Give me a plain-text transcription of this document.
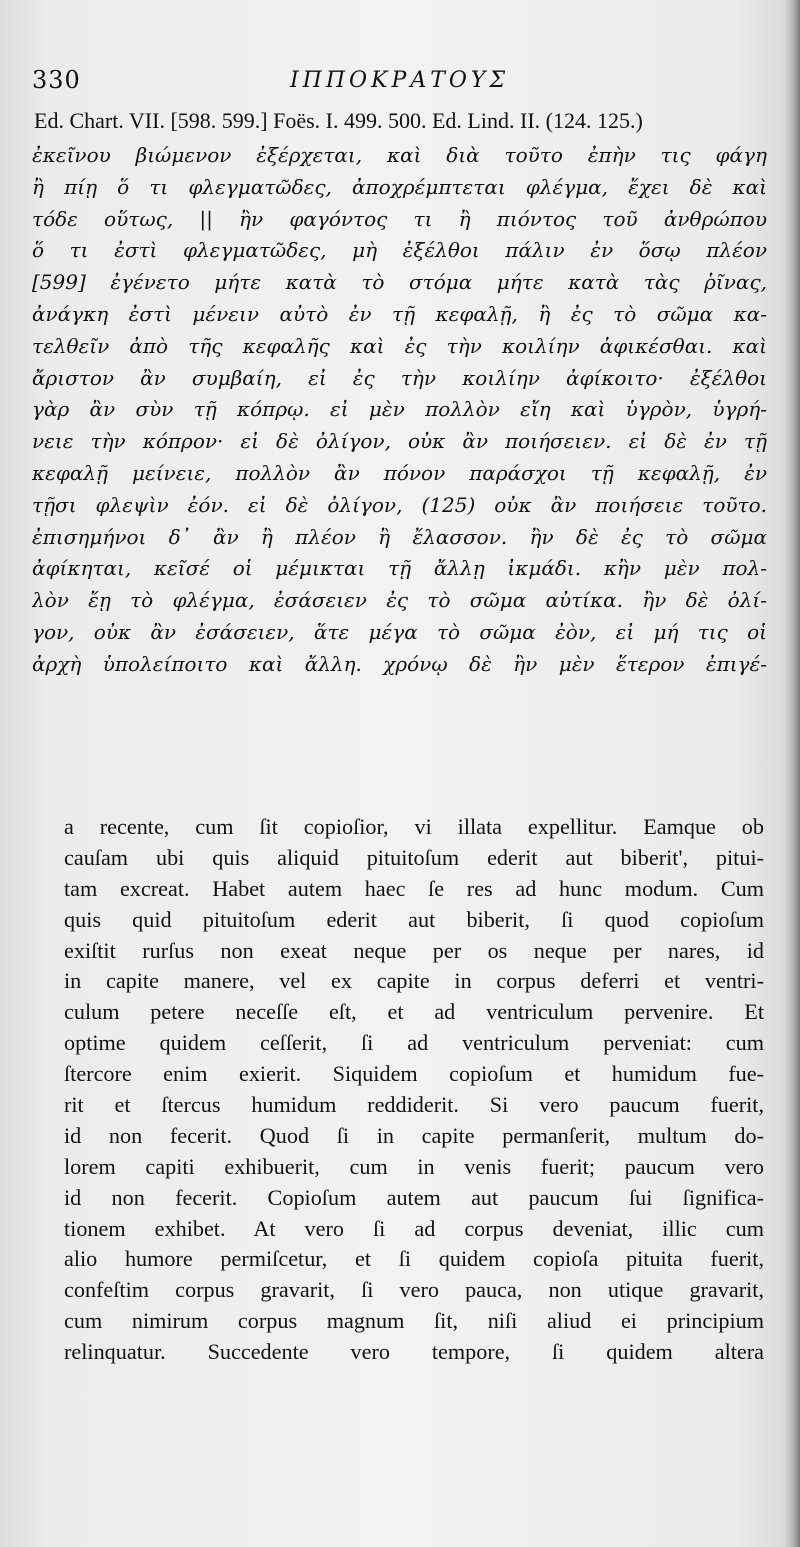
330	ΙΠΠΟΚΡΑΤΟΥΣ
Ed. Chart. VII. [598. 599.] Foës. I. 499. 500. Ed. Lind. II. (124. 125.)
ἐκεῖνου βιώμενον ἐξέρχεται, καὶ διὰ τοῦτο ἐπὴν τις φάγη
ἢ πίῃ ὅ τι φλεγματῶδες, ἀποχρέμπτεται φλέγμα, ἔχει δὲ καὶ
τόδε οὕτως, || ἢν φαγόντος τι ἢ πιόντος τοῦ ἀνθρώπου
ὅ τι ἐστὶ φλεγματῶδες, μὴ ἐξέλθοι πάλιν ἐν ὅσῳ πλέον
[599] ἐγένετο μήτε κατὰ τὸ στόμα μήτε κατὰ τὰς ῥῖνας,
ἀνάγκη ἐστὶ μένειν αὐτὸ ἐν τῇ κεφαλῇ, ἢ ἐς τὸ σῶμα κα-
τελθεῖν ἀπὸ τῆς κεφαλῆς καὶ ἐς τὴν κοιλίην ἀφικέσθαι. καὶ
ἄριστον ἂν συμβαίη, εἰ ἐς τὴν κοιλίην ἀφίκοιτο· ἐξέλθοι
γὰρ ἂν σὺν τῇ κόπρῳ. εἰ μὲν πολλὸν εἴη καὶ ὑγρὸν, ὑγρή-
νειε τὴν κόπρον· εἰ δὲ ὀλίγον, οὐκ ἂν ποιήσειεν. εἰ δὲ ἐν τῇ
κεφαλῇ μείνειε, πολλὸν ἂν πόνον παράσχοι τῇ κεφαλῇ, ἐν
τῇσι φλεψὶν ἐόν. εἰ δὲ ὀλίγον, (125) οὐκ ἂν ποιήσειε τοῦτο.
ἐπισημήνοι δ᾽ ἂν ἢ πλέον ἢ ἔλασσον. ἢν δὲ ἐς τὸ σῶμα
ἀφίκηται, κεῖσέ οἱ μέμικται τῇ ἄλλῃ ἰκμάδι. κἢν μὲν πολ-
λὸν ἔῃ τὸ φλέγμα, ἐσάσειεν ἐς τὸ σῶμα αὐτίκα. ἢν δὲ ὀλί-
γον, οὐκ ἂν ἐσάσειεν, ἅτε μέγα τὸ σῶμα ἐὸν, εἰ μή τις οἱ
ἀρχὴ ὑπολείποιτο καὶ ἄλλη. χρόνῳ δὲ ἢν μὲν ἕτερον ἐπιγέ-
a recente, cum ſit copioſior, vi illata expellitur. Eamque ob
cauſam ubi quis aliquid pituitoſum ederit aut biberit', pitui-
tam excreat. Habet autem haec ſe res ad hunc modum. Cum
quis quid pituitoſum ederit aut biberit, ſi quod copioſum
exiſtit rurſus non exeat neque per os neque per nares, id
in capite manere, vel ex capite in corpus deferri et ventri-
culum petere neceſſe eſt, et ad ventriculum pervenire. Et
optime quidem ceſſerit, ſi ad ventriculum perveniat: cum
ſtercore enim exierit. Siquidem copioſum et humidum fue-
rit et ſtercus humidum reddiderit. Si vero paucum fuerit,
id non fecerit. Quod ſi in capite permanſerit, multum do-
lorem capiti exhibuerit, cum in venis fuerit; paucum vero
id non fecerit. Copioſum autem aut paucum ſui ſignifica-
tionem exhibet. At vero ſi ad corpus deveniat, illic cum
alio humore permiſcetur, et ſi quidem copioſa pituita fuerit,
confeſtim corpus gravarit, ſi vero pauca, non utique gravarit,
cum nimirum corpus magnum ſit, niſi aliud ei principium
relinquatur. Succedente vero tempore, ſi quidem altera
